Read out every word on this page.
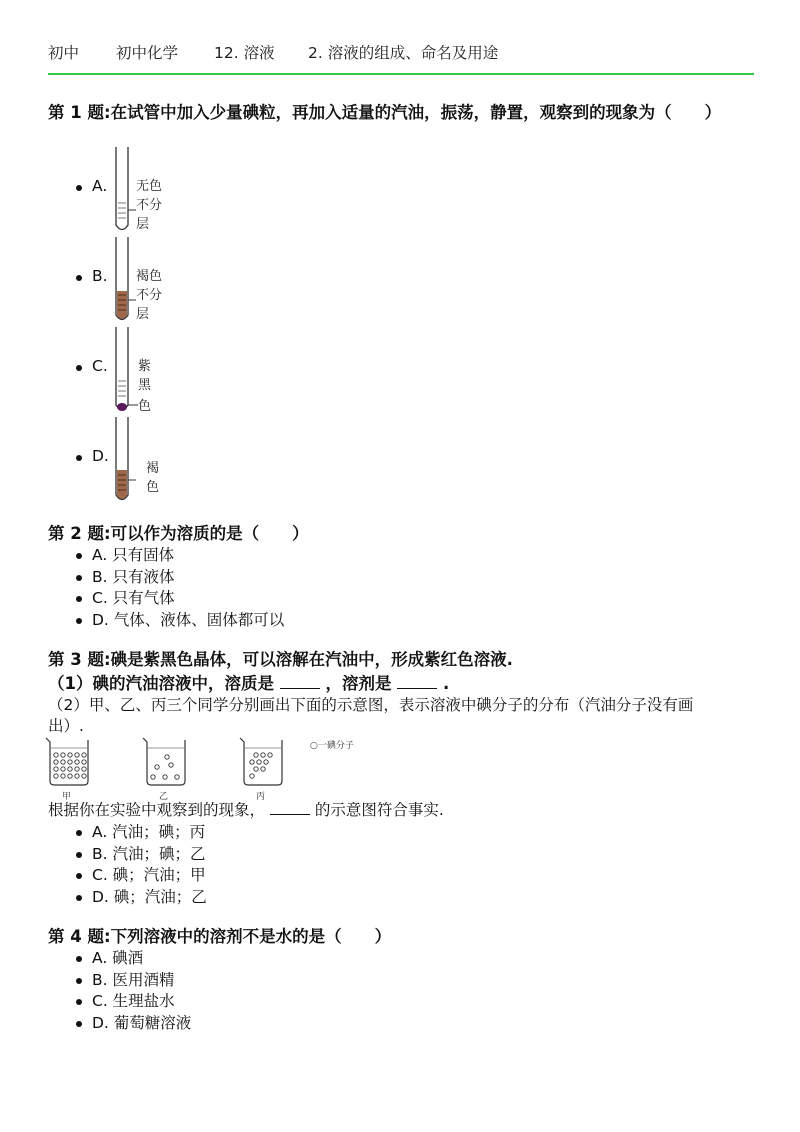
初中 初中化学 12. 溶液 2. 溶液的组成、命名及用途
第 1 题:在试管中加入少量碘粒，再加入适量的汽油，振荡，静置，观察到的现象为（　　）
A. 无色
不分
层
B. 褐色
不分
层
C. 紫
黑
色
D.
褐
色
第 2 题:可以作为溶质的是（　　）
A. 只有固体
B. 只有液体
C. 只有气体
D. 气体、液体、固体都可以
第 3 题:碘是紫黑色晶体，可以溶解在汽油中，形成紫红色溶液.
（1）碘的汽油溶液中，溶质是	，溶剂是	.
（2）甲、乙、丙三个同学分别画出下面的示意图，表示溶液中碘分子的分布（汽油分子没有画
出）.
甲	乙	丙
○一碘分子
根据你在实验中观察到的现象，	的示意图符合事实.
A. 汽油；碘；丙
B. 汽油；碘；乙
C. 碘；汽油；甲
D. 碘；汽油；乙
第 4 题:下列溶液中的溶剂不是水的是（　　）
A. 碘酒
B. 医用酒精
C. 生理盐水
D. 葡萄糖溶液
